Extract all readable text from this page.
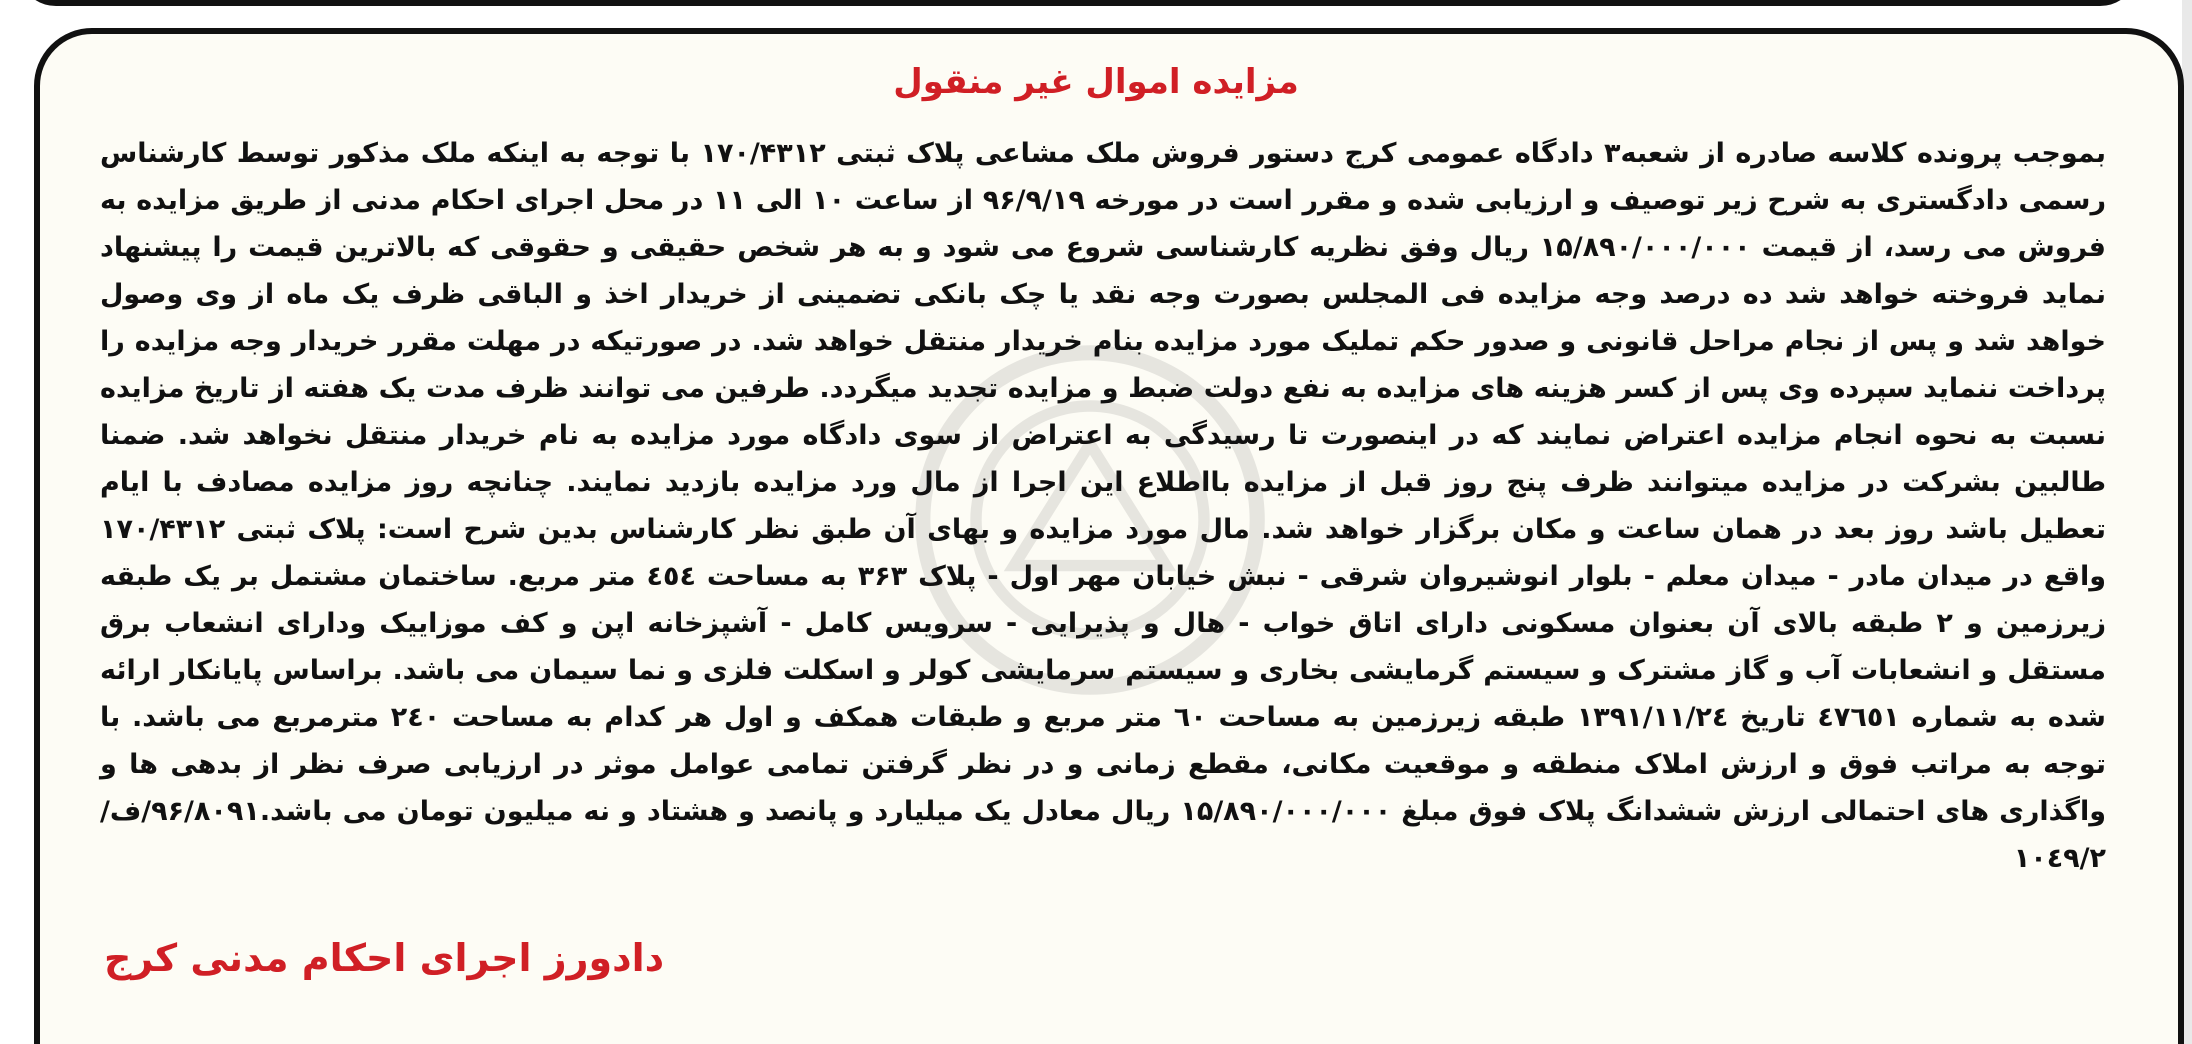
مزایده اموال غیر منقول
بموجب پرونده کلاسه صادره از شعبه۳ دادگاه عمومی کرج دستور فروش ملک مشاعی پلاک ثبتی ۱۷۰/۴۳۱۲ با توجه به اینکه ملک مذکور توسط کارشناس رسمی دادگستری به شرح زیر توصیف و ارزیابی شده و مقرر است در مورخه ۹۶/۹/۱۹ از ساعت ۱۰ الی ۱۱ در محل اجرای احکام مدنی از طریق مزایده به فروش می رسد، از قیمت ۱۵/۸۹۰/۰۰۰/۰۰۰ ریال وفق نظریه کارشناسی شروع می شود و به هر شخص حقیقی و حقوقی که بالاترین قیمت را پیشنهاد نماید فروخته خواهد شد ده درصد وجه مزایده فی المجلس بصورت وجه نقد یا چک بانکی تضمینی از خریدار اخذ و الباقی ظرف یک ماه از وی وصول خواهد شد و پس از نجام مراحل قانونی و صدور حکم تملیک مورد مزایده بنام خریدار منتقل خواهد شد. در صورتیکه در مهلت مقرر خریدار وجه مزایده را پرداخت ننماید سپرده وی پس از کسر هزینه های مزایده به نفع دولت ضبط و مزایده تجدید میگردد. طرفین می توانند ظرف مدت یک هفته از تاریخ مزایده نسبت به نحوه انجام مزایده اعتراض نمایند که در اینصورت تا رسیدگی به اعتراض از سوی دادگاه مورد مزایده به نام خریدار منتقل نخواهد شد. ضمنا طالبین بشرکت در مزایده میتوانند ظرف پنج روز قبل از مزایده بااطلاع این اجرا از مال ورد مزایده بازدید نمایند. چنانچه روز مزایده مصادف با ایام تعطیل باشد روز بعد در همان ساعت و مکان برگزار خواهد شد. مال مورد مزایده و بهای آن طبق نظر کارشناس بدین شرح است: پلاک ثبتی ۱۷۰/۴۳۱۲ واقع در میدان مادر - میدان معلم - بلوار انوشیروان شرقی - نبش خیابان مهر اول - پلاک ۳۶۳ به مساحت ٤٥٤ متر مربع. ساختمان مشتمل بر یک طبقه زیرزمین و ۲ طبقه بالای آن بعنوان مسکونی دارای اتاق خواب - هال و پذیرایی - سرویس کامل - آشپزخانه اپن و کف موزاییک ودارای انشعاب برق مستقل و انشعابات آب و گاز مشترک و سیستم گرمایشی بخاری و سیستم سرمایشی کولر و اسکلت فلزی و نما سیمان می باشد. براساس پایانکار ارائه شده به شماره ٤٧٦٥١ تاریخ ۱۳۹۱/۱۱/۲٤ طبقه زیرزمین به مساحت ٦۰ متر مربع و طبقات همکف و اول هر کدام به مساحت ۲٤۰ مترمربع می باشد. با توجه به مراتب فوق و ارزش املاک منطقه و موقعیت مکانی، مقطع زمانی و در نظر گرفتن تمامی عوامل موثر در ارزیابی صرف نظر از بدهی ها و واگذاری های احتمالی ارزش ششدانگ پلاک فوق مبلغ ۱۵/۸۹۰/۰۰۰/۰۰۰ ریال معادل یک میلیارد و پانصد و هشتاد و نه میلیون تومان می باشد.۹۶/۸۰۹۱/ف/۱۰٤۹/۲
دادورز اجرای احکام مدنی کرج
